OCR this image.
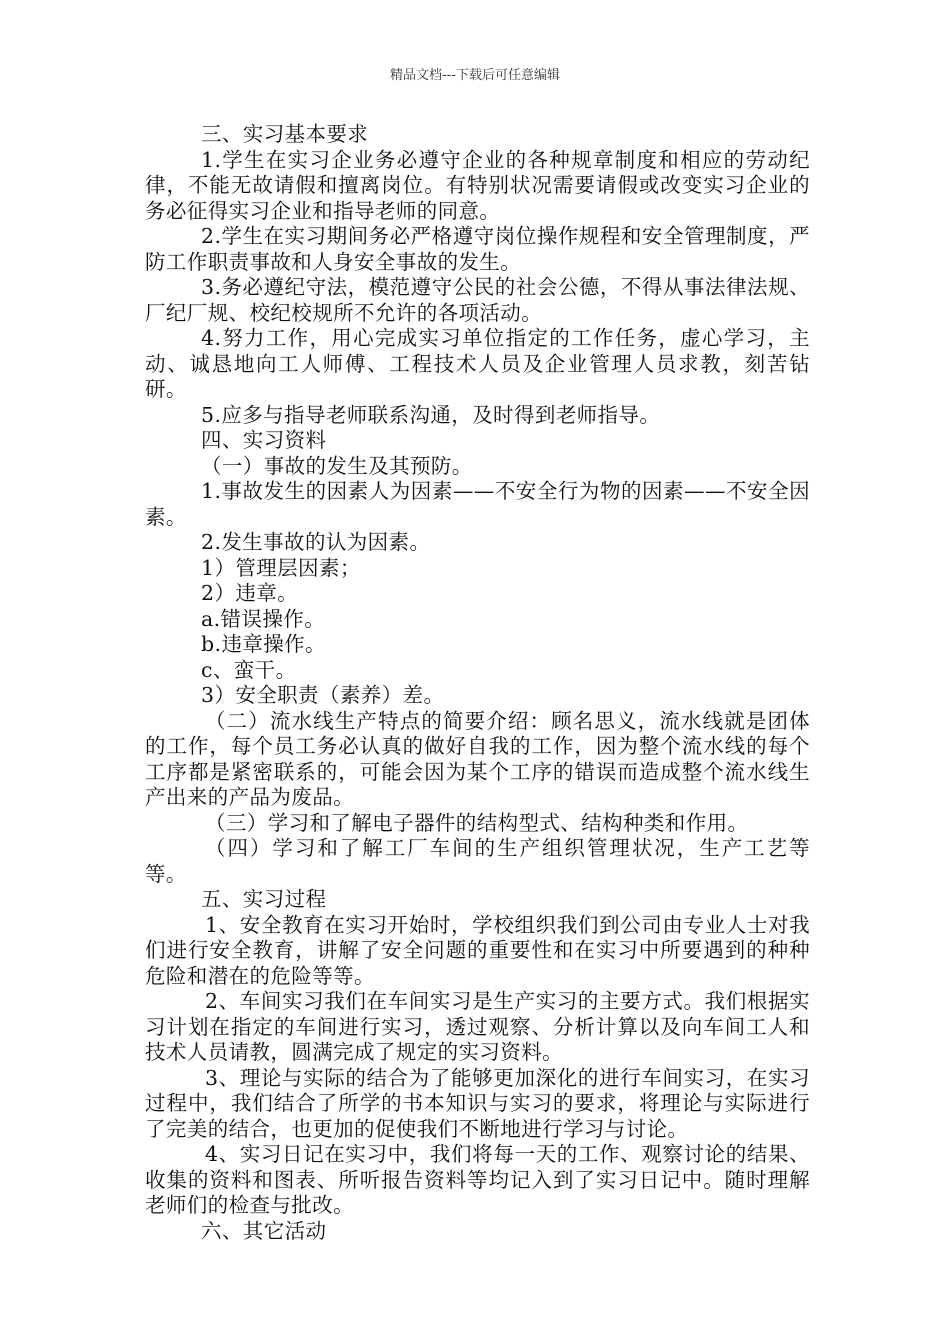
精品文档---下载后可任意编辑

三、实习基本要求

1.学生在实习企业务必遵守企业的各种规章制度和相应的劳动纪律，不能无故请假和擅离岗位。有特别状况需要请假或改变实习企业的务必征得实习企业和指导老师的同意。

2.学生在实习期间务必严格遵守岗位操作规程和安全管理制度，严防工作职责事故和人身安全事故的发生。

3.务必遵纪守法，模范遵守公民的社会公德，不得从事法律法规、厂纪厂规、校纪校规所不允许的各项活动。

4.努力工作，用心完成实习单位指定的工作任务，虚心学习，主动、诚恳地向工人师傅、工程技术人员及企业管理人员求教，刻苦钻研。

5.应多与指导老师联系沟通，及时得到老师指导。

四、实习资料

（一）事故的发生及其预防。

1.事故发生的因素人为因素——不安全行为物的因素——不安全因素。

2.发生事故的认为因素。

1）管理层因素；

2）违章。

a.错误操作。

b.违章操作。

c、蛮干。

3）安全职责（素养）差。

（二）流水线生产特点的简要介绍：顾名思义，流水线就是团体的工作，每个员工务必认真的做好自我的工作，因为整个流水线的每个工序都是紧密联系的，可能会因为某个工序的错误而造成整个流水线生产出来的产品为废品。

（三）学习和了解电子器件的结构型式、结构种类和作用。

（四）学习和了解工厂车间的生产组织管理状况，生产工艺等等。

五、实习过程

1、安全教育在实习开始时，学校组织我们到公司由专业人士对我们进行安全教育，讲解了安全问题的重要性和在实习中所要遇到的种种危险和潜在的危险等等。

2、车间实习我们在车间实习是生产实习的主要方式。我们根据实习计划在指定的车间进行实习，透过观察、分析计算以及向车间工人和技术人员请教，圆满完成了规定的实习资料。

3、理论与实际的结合为了能够更加深化的进行车间实习，在实习过程中，我们结合了所学的书本知识与实习的要求，将理论与实际进行了完美的结合，也更加的促使我们不断地进行学习与讨论。

4、实习日记在实习中，我们将每一天的工作、观察讨论的结果、收集的资料和图表、所听报告资料等均记入到了实习日记中。随时理解老师们的检查与批改。

六、其它活动
